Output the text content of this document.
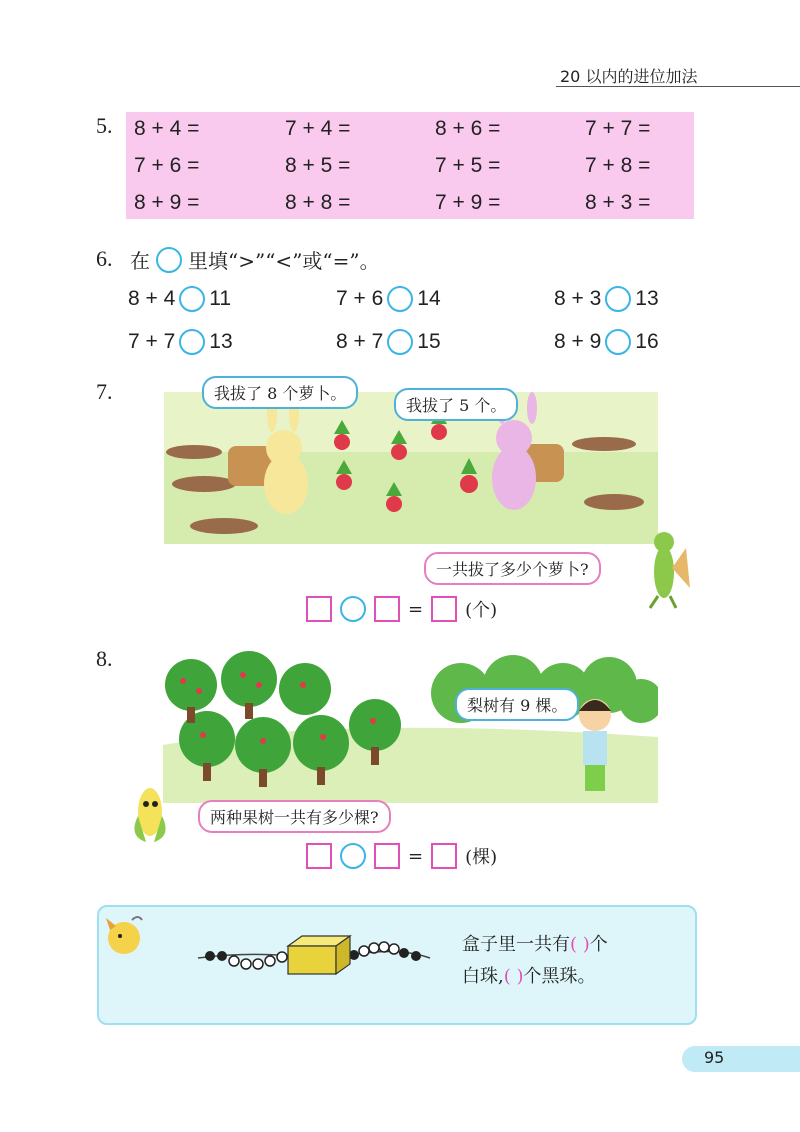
20 以内的进位加法
5. 8 + 4 =	7 + 4 =	8 + 6 =	7 + 7 =
7 + 6 =	8 + 5 =	7 + 5 =	7 + 8 =
8 + 9 =	8 + 8 =	7 + 9 =	8 + 3 =
6. 在 里填“>”“<”或“=”。
8 + 4 11	7 + 6 14	8 + 3 13
7 + 7 13	8 + 7 15	8 + 9 16
7.	我拔了 8 个萝卜。
我拔了 5 个。
一共拔了多少个萝卜?
= (个)
8.
梨树有 9 棵。
两种果树一共有多少棵?
= (棵)
盒子里一共有( )个
白珠,( )个黑珠。
95
